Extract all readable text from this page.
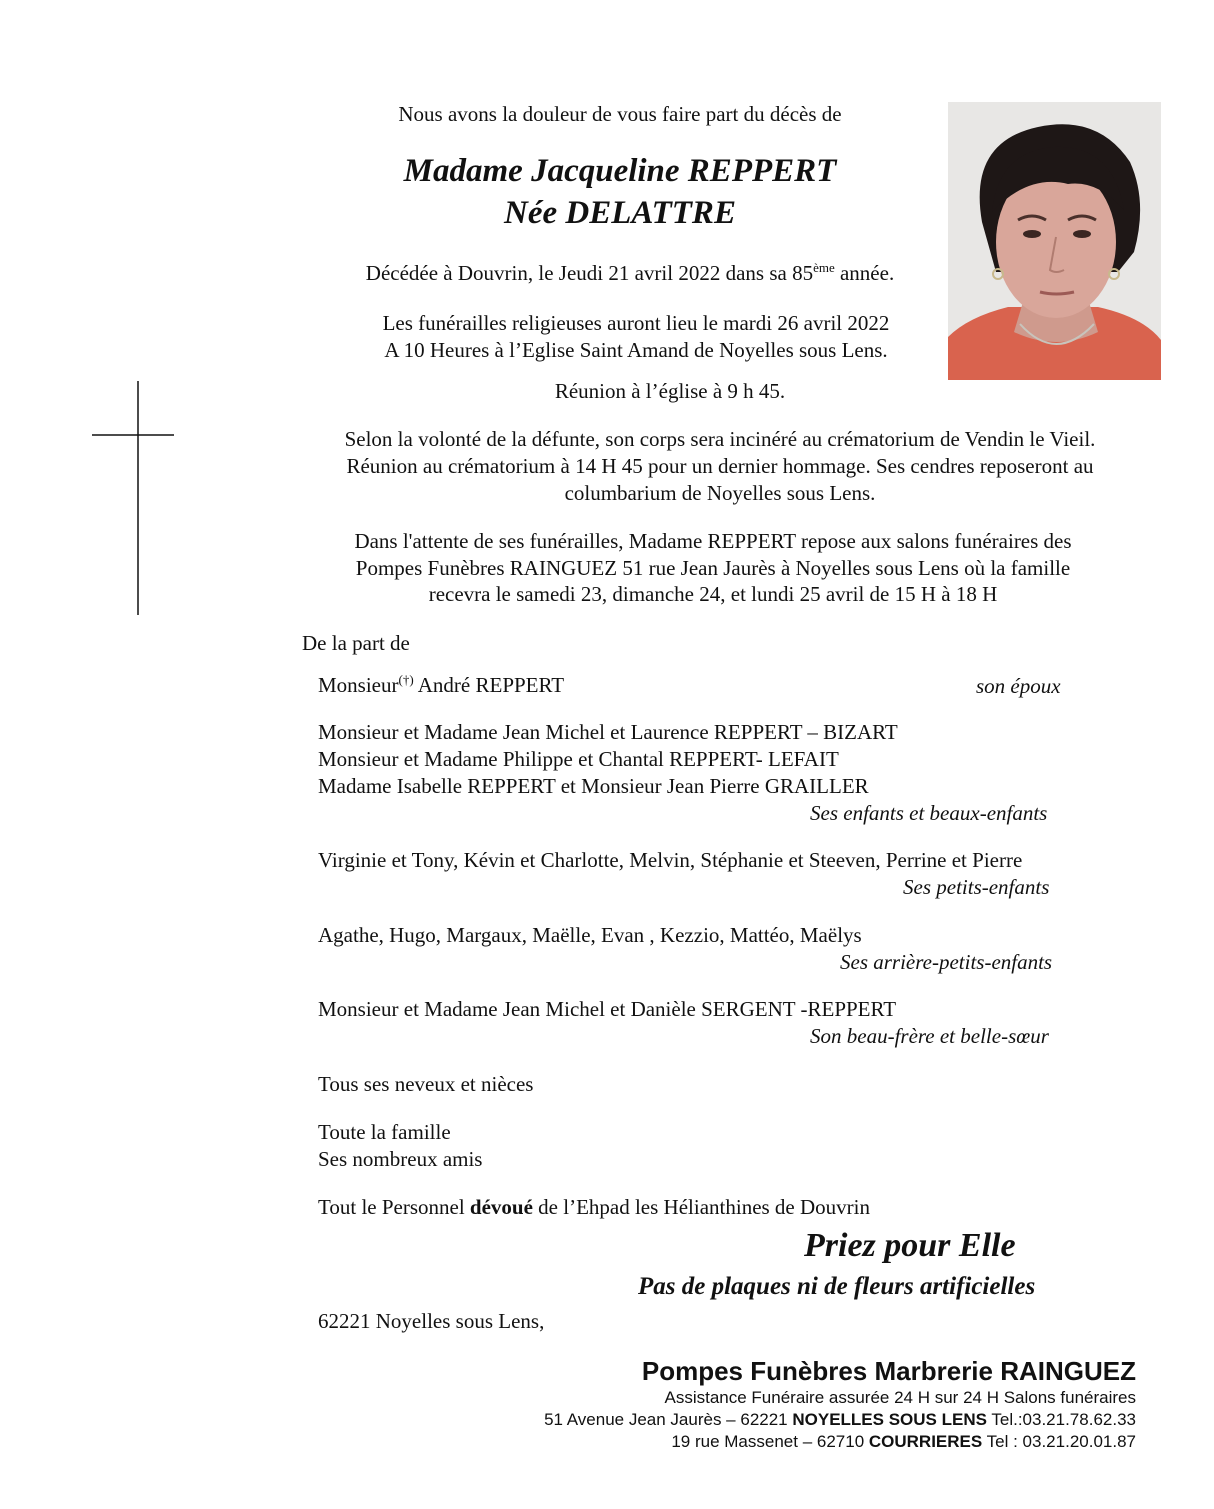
Nous avons la douleur de vous faire part du décès de
Madame Jacqueline REPPERT
Née DELATTRE
Décédée à Douvrin, le Jeudi 21 avril 2022 dans sa 85ème année.
Les funérailles religieuses auront lieu le mardi 26 avril 2022
A 10 Heures à l’Eglise Saint Amand de Noyelles sous Lens.
Réunion à l’église à 9 h 45.
Selon la volonté de la défunte, son corps sera incinéré au crématorium de Vendin le Vieil.
Réunion au crématorium à 14 H 45 pour un dernier hommage. Ses cendres reposeront au
columbarium de Noyelles sous Lens.
Dans l'attente de ses funérailles, Madame REPPERT repose aux salons funéraires des
Pompes Funèbres RAINGUEZ 51 rue Jean Jaurès à Noyelles sous Lens où la famille
recevra le samedi 23, dimanche 24, et lundi 25 avril de 15 H à 18 H
De la part de
Monsieur(†) André REPPERT	son époux
Monsieur et Madame Jean Michel et Laurence REPPERT – BIZART
Monsieur et Madame Philippe et Chantal REPPERT- LEFAIT
Madame Isabelle REPPERT et Monsieur Jean Pierre GRAILLER
Ses enfants et beaux-enfants
Virginie et Tony, Kévin et Charlotte, Melvin, Stéphanie et Steeven, Perrine et Pierre
Ses petits-enfants
Agathe, Hugo, Margaux, Maëlle, Evan , Kezzio, Mattéo, Maëlys
Ses arrière-petits-enfants
Monsieur et Madame Jean Michel et Danièle SERGENT -REPPERT
Son beau-frère et belle-sœur
Tous ses neveux et nièces
Toute la famille
Ses nombreux amis
Tout le Personnel dévoué de l’Ehpad les Hélianthines de Douvrin
Priez pour Elle
Pas de plaques ni de fleurs artificielles
62221 Noyelles sous Lens,
Pompes Funèbres Marbrerie RAINGUEZ
Assistance Funéraire assurée 24 H sur 24 H Salons funéraires
51 Avenue Jean Jaurès – 62221 NOYELLES SOUS LENS Tel.:03.21.78.62.33
19 rue Massenet – 62710 COURRIERES Tel : 03.21.20.01.87
